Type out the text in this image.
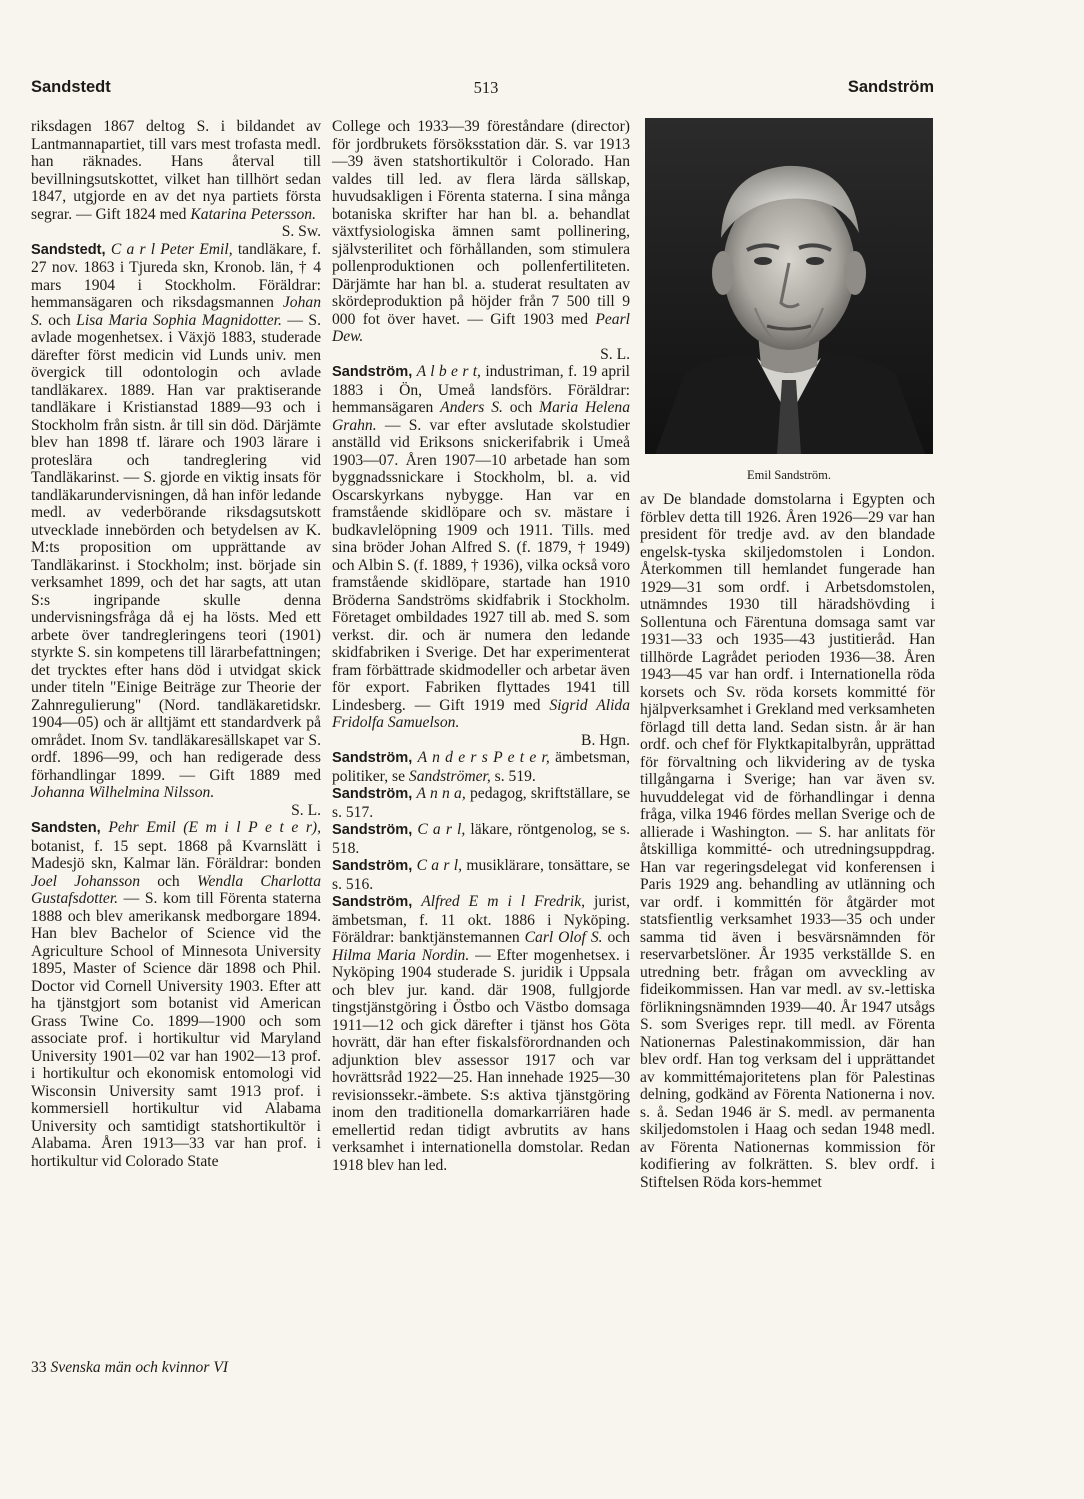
Sandstedt	513	Sandström

riksdagen 1867 deltog S. i bildandet av Lantmannapartiet, till vars mest trofasta medl. han räknades. Hans återval till bevillningsutskottet, vilket han tillhört sedan 1847, utgjorde en av det nya partiets första segrar. — Gift 1824 med Katarina Petersson.
S. Sw.

Sandstedt, C a r l Peter Emil, tandläkare, f. 27 nov. 1863 i Tjureda skn, Kronob. län, † 4 mars 1904 i Stockholm. Föräldrar: hemmansägaren och riksdagsmannen Johan S. och Lisa Maria Sophia Magnidotter. — S. avlade mogenhetsex. i Växjö 1883, studerade därefter först medicin vid Lunds univ. men övergick till odontologin och avlade tandläkarex. 1889. Han var praktiserande tandläkare i Kristianstad 1889—93 och i Stockholm från sistn. år till sin död. Därjämte blev han 1898 tf. lärare och 1903 lärare i proteslära och tandreglering vid Tandläkarinst. — S. gjorde en viktig insats för tandläkarundervisningen, då han inför ledande medl. av vederbörande riksdagsutskott utvecklade innebörden och betydelsen av K. M:ts proposition om upprättande av Tandläkarinst. i Stockholm; inst. började sin verksamhet 1899, och det har sagts, att utan S:s ingripande skulle denna undervisningsfråga då ej ha lösts. Med ett arbete över tandregleringens teori (1901) styrkte S. sin kompetens till lärarbefattningen; det trycktes efter hans död i utvidgat skick under titeln "Einige Beiträge zur Theorie der Zahnregulierung" (Nord. tandläkaretidskr. 1904—05) och är alltjämt ett standardverk på området. Inom Sv. tandläkaresällskapet var S. ordf. 1896—99, och han redigerade dess förhandlingar 1899. — Gift 1889 med Johanna Wilhelmina Nilsson.
S. L.

Sandsten, Pehr Emil (E m i l P e t e r), botanist, f. 15 sept. 1868 på Kvarnslätt i Madesjö skn, Kalmar län. Föräldrar: bonden Joel Johansson och Wendla Charlotta Gustafsdotter. — S. kom till Förenta staterna 1888 och blev amerikansk medborgare 1894. Han blev Bachelor of Science vid the Agriculture School of Minnesota University 1895, Master of Science där 1898 och Phil. Doctor vid Cornell University 1903. Efter att ha tjänstgjort som botanist vid American Grass Twine Co. 1899—1900 och som associate prof. i hortikultur vid Maryland University 1901—02 var han 1902—13 prof. i hortikultur och ekonomisk entomologi vid Wisconsin University samt 1913 prof. i kommersiell hortikultur vid Alabama University och samtidigt statshortikultör i Alabama. Åren 1913—33 var han prof. i hortikultur vid Colorado State

College och 1933—39 föreståndare (director) för jordbrukets försöksstation där. S. var 1913—39 även statshortikultör i Colorado. Han valdes till led. av flera lärda sällskap, huvudsakligen i Förenta staterna. I sina många botaniska skrifter har han bl. a. behandlat växtfysiologiska ämnen samt pollinering, självsterilitet och förhållanden, som stimulera pollenproduktionen och pollenfertiliteten. Därjämte har han bl. a. studerat resultaten av skördeproduktion på höjder från 7 500 till 9 000 fot över havet. — Gift 1903 med Pearl Dew.
S. L.

Sandström, A l b e r t, industriman, f. 19 april 1883 i Ön, Umeå landsförs. Föräldrar: hemmansägaren Anders S. och Maria Helena Grahn. — S. var efter avslutade skolstudier anställd vid Eriksons snickerifabrik i Umeå 1903—07. Åren 1907—10 arbetade han som byggnadssnickare i Stockholm, bl. a. vid Oscarskyrkans nybygge. Han var en framstående skidlöpare och sv. mästare i budkavlelöpning 1909 och 1911. Tills. med sina bröder Johan Alfred S. (f. 1879, † 1949) och Albin S. (f. 1889, † 1936), vilka också voro framstående skidlöpare, startade han 1910 Bröderna Sandströms skidfabrik i Stockholm. Företaget ombildades 1927 till ab. med S. som verkst. dir. och är numera den ledande skidfabriken i Sverige. Det har experimenterat fram förbättrade skidmodeller och arbetar även för export. Fabriken flyttades 1941 till Lindesberg. — Gift 1919 med Sigrid Alida Fridolfa Samuelson.
B. Hgn.

Sandström, A n d e r s P e t e r, ämbetsman, politiker, se Sandströmer, s. 519.

Sandström, A n n a, pedagog, skriftställare, se s. 517.

Sandström, C a r l, läkare, röntgenolog, se s. 518.

Sandström, C a r l, musiklärare, tonsättare, se s. 516.

Sandström, Alfred E m i l Fredrik, jurist, ämbetsman, f. 11 okt. 1886 i Nyköping. Föräldrar: banktjänstemannen Carl Olof S. och Hilma Maria Nordin. — Efter mogenhetsex. i Nyköping 1904 studerade S. juridik i Uppsala och blev jur. kand. där 1908, fullgjorde tingstjänstgöring i Östbo och Västbo domsaga 1911—12 och gick därefter i tjänst hos Göta hovrätt, där han efter fiskalsförordnanden och adjunktion blev assessor 1917 och var hovrättsråd 1922—25. Han innehade 1925—30 revisionssekr.-ämbete. S:s aktiva tjänstgöring inom den traditionella domarkarriären hade emellertid redan tidigt avbrutits av hans verksamhet i internationella domstolar. Redan 1918 blev han led.

Emil Sandström.

av De blandade domstolarna i Egypten och förblev detta till 1926. Åren 1926—29 var han president för tredje avd. av den blandade engelsk-tyska skiljedomstolen i London. Återkommen till hemlandet fungerade han 1929—31 som ordf. i Arbetsdomstolen, utnämndes 1930 till häradshövding i Sollentuna och Färentuna domsaga samt var 1931—33 och 1935—43 justitieråd. Han tillhörde Lagrådet perioden 1936—38. Åren 1943—45 var han ordf. i Internationella röda korsets och Sv. röda korsets kommitté för hjälpverksamhet i Grekland med verksamheten förlagd till detta land. Sedan sistn. år är han ordf. och chef för Flyktkapitalbyrån, upprättad för förvaltning och likvidering av de tyska tillgångarna i Sverige; han var även sv. huvuddelegat vid de förhandlingar i denna fråga, vilka 1946 fördes mellan Sverige och de allierade i Washington. — S. har anlitats för åtskilliga kommitté- och utredningsuppdrag. Han var regeringsdelegat vid konferensen i Paris 1929 ang. behandling av utlänning och var ordf. i kommittén för åtgärder mot statsfientlig verksamhet 1933—35 och under samma tid även i besvärsnämnden för reservarbetslöner. År 1935 verkställde S. en utredning betr. frågan om avveckling av fideikommissen. Han var medl. av sv.-lettiska förlikningsnämnden 1939—40. År 1947 utsågs S. som Sveriges repr. till medl. av Förenta Nationernas Palestinakommission, där han blev ordf. Han tog verksam del i upprättandet av kommittémajoritetens plan för Palestinas delning, godkänd av Förenta Nationerna i nov. s. å. Sedan 1946 är S. medl. av permanenta skiljedomstolen i Haag och sedan 1948 medl. av Förenta Nationernas kommission för kodifiering av folkrätten. S. blev ordf. i Stiftelsen Röda kors-hemmet

33 Svenska män och kvinnor VI
